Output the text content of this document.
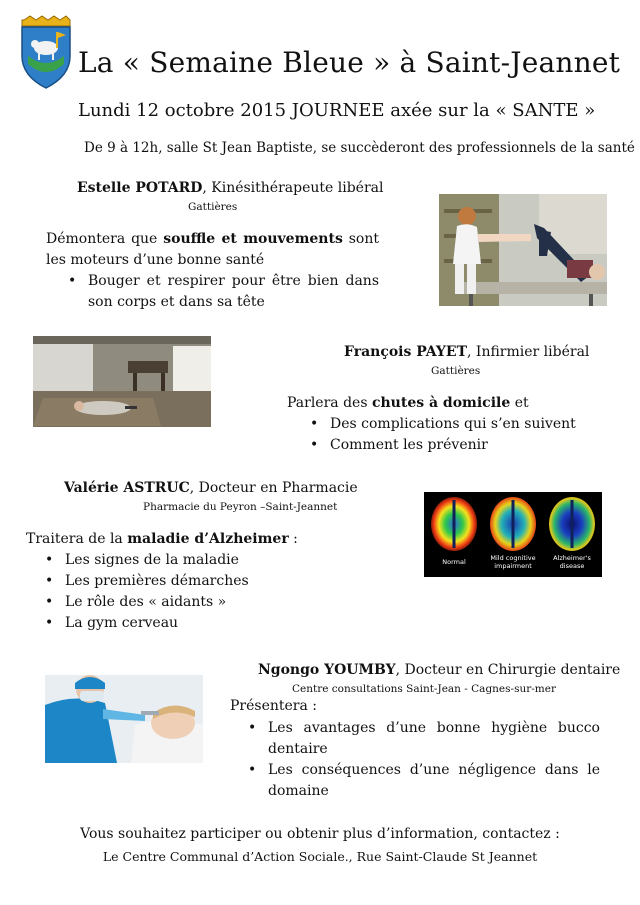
La « Semaine Bleue » à Saint-Jeannet
Lundi 12 octobre 2015 JOURNEE axée sur la « SANTE »
De 9 à 12h, salle St Jean Baptiste, se succèderont des professionnels de la santé
Estelle POTARD, Kinésithérapeute libéral
Gattières
Démontera que souffle et mouvements sont les moteurs d’une bonne santé
• Bouger et respirer pour être bien dans son corps et dans sa tête
François PAYET, Infirmier libéral
Gattières
Parlera des chutes à domicile et
• Des complications qui s’en suivent
• Comment les prévenir
Valérie ASTRUC, Docteur en Pharmacie
Pharmacie du Peyron –Saint-Jeannet
Traitera de la maladie d’Alzheimer :
• Les signes de la maladie
• Les premières démarches
• Le rôle des « aidants »
• La gym cerveau
Normal	Mild cognitive
impairment
Alzheimer's
disease
Ngongo YOUMBY, Docteur en Chirurgie dentaire
Centre consultations Saint-Jean - Cagnes-sur-mer
Présentera :
• Les avantages d’une bonne hygiène bucco dentaire
• Les conséquences d’une négligence dans le domaine
Vous souhaitez participer ou obtenir plus d’information, contactez :
Le Centre Communal d’Action Sociale., Rue Saint-Claude St Jeannet
